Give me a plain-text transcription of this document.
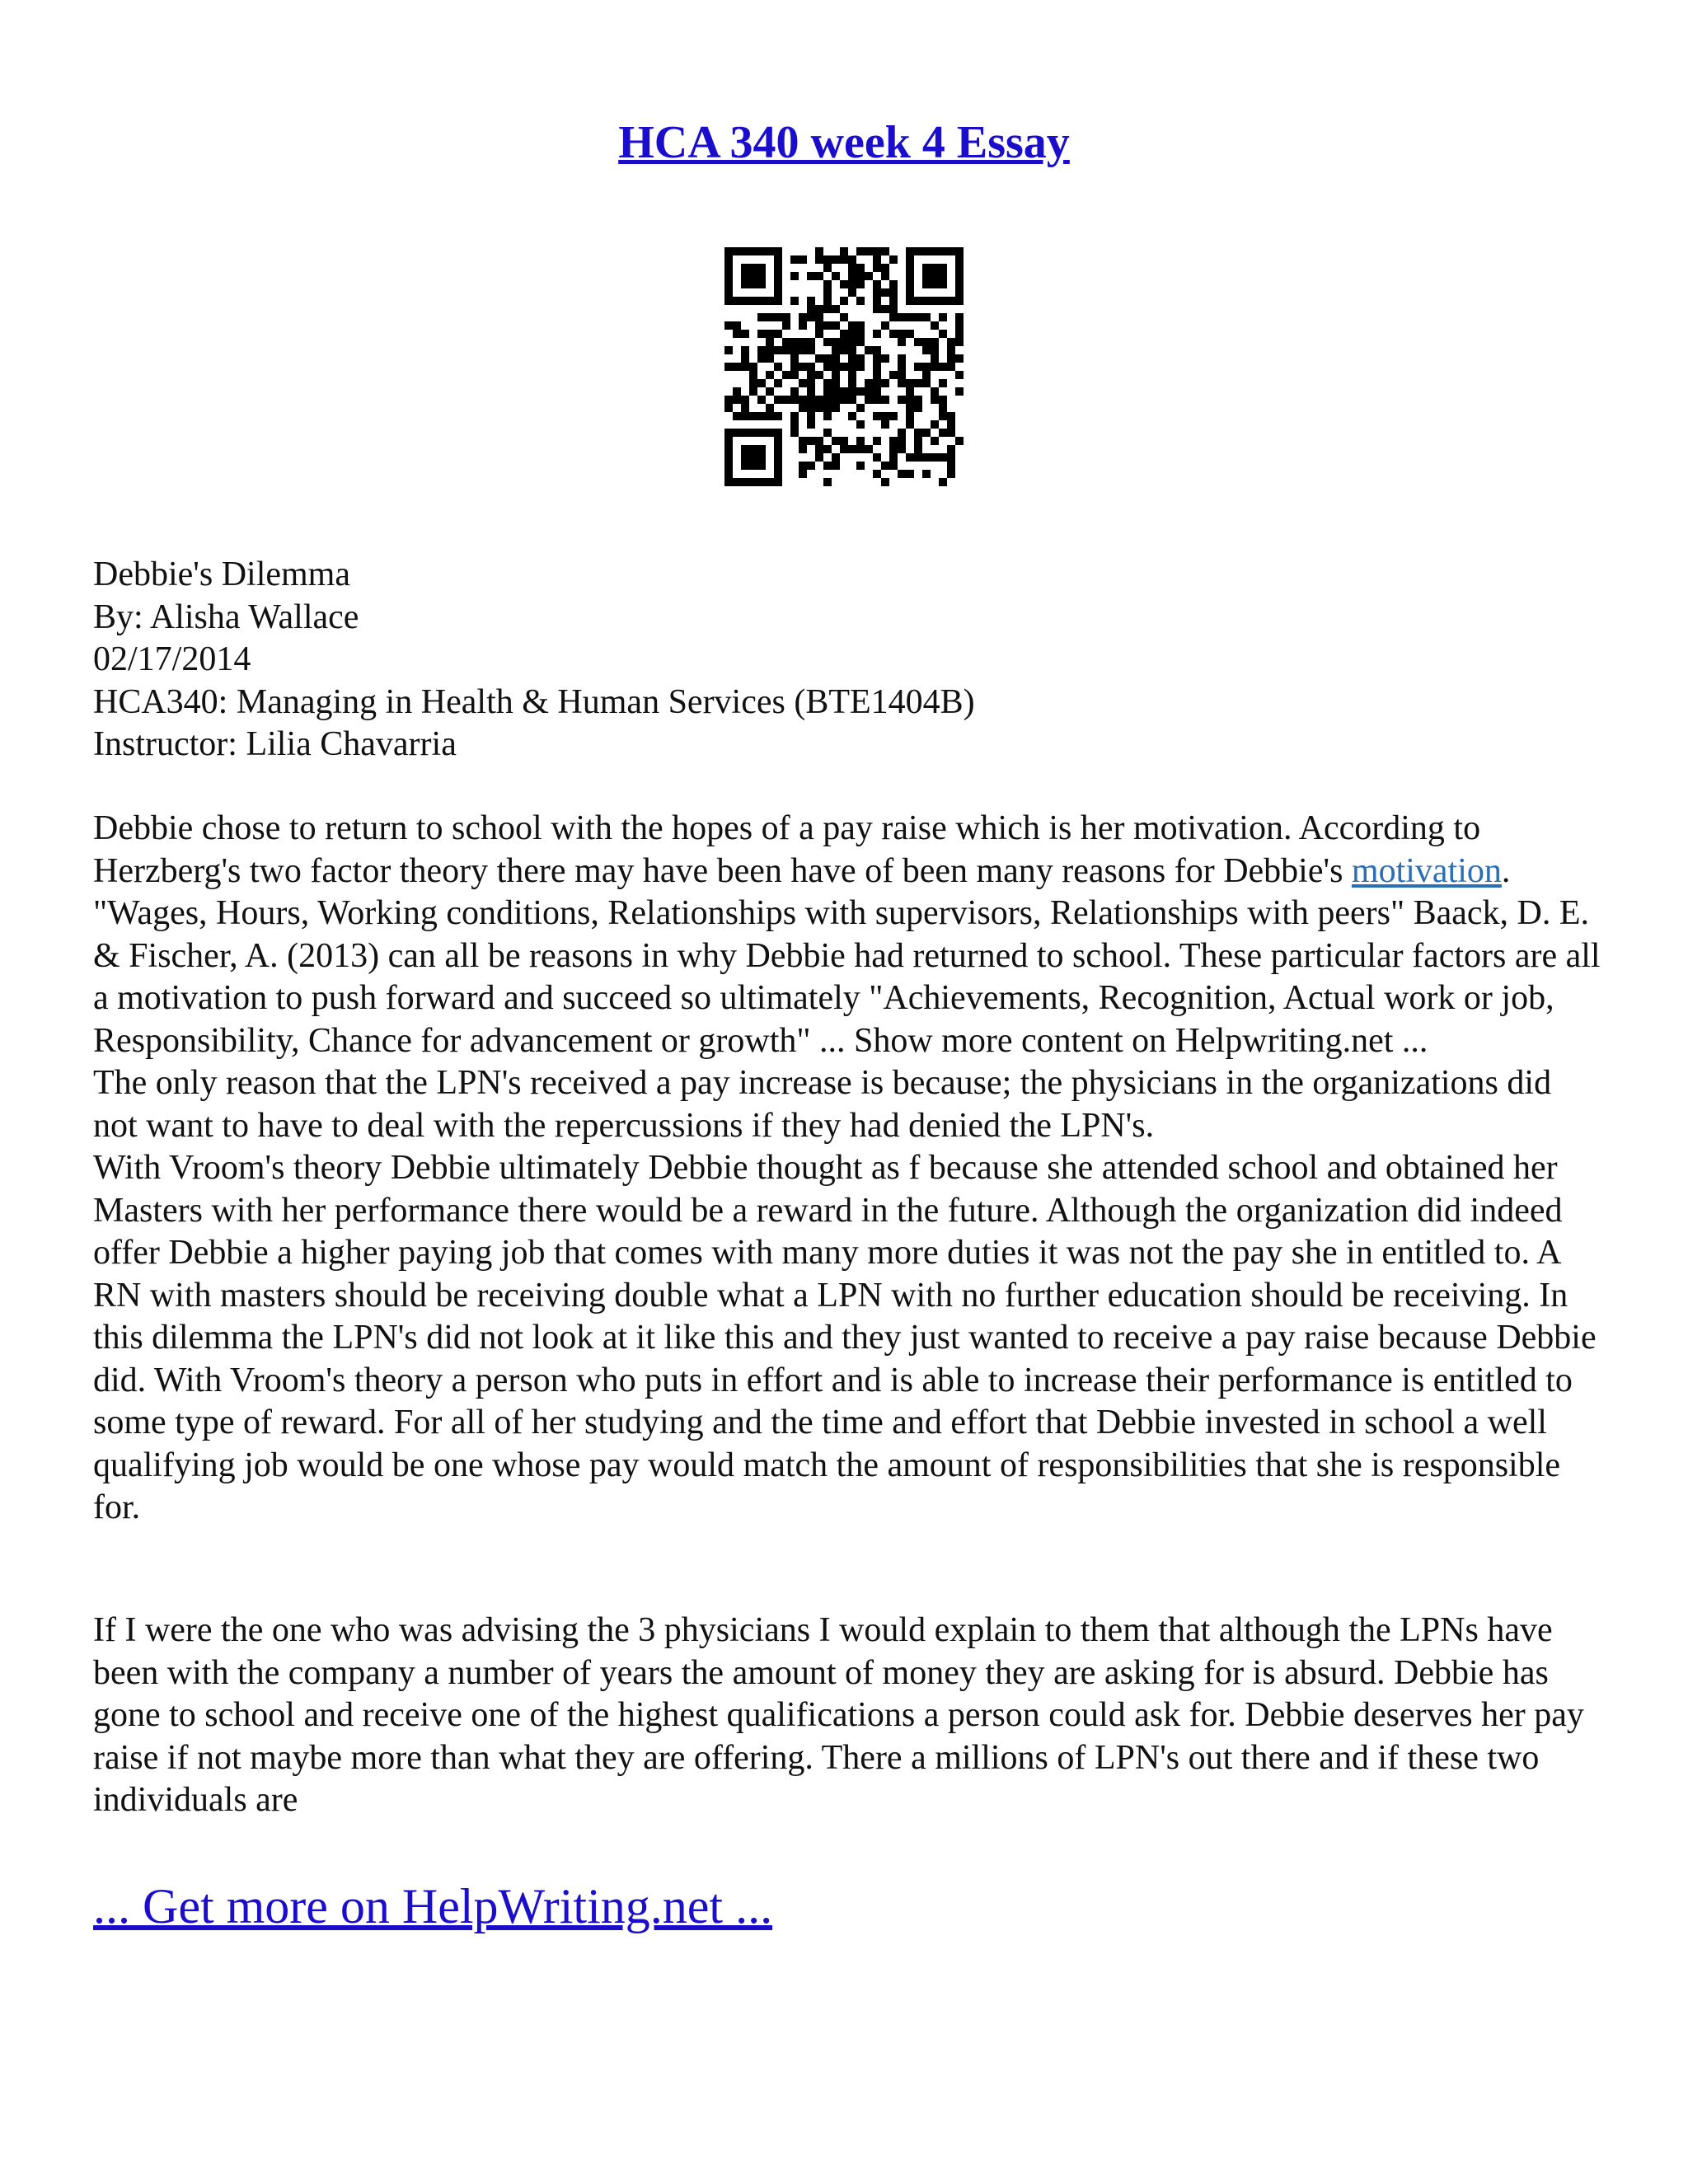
HCA 340 week 4 Essay

Debbie's Dilemma

By: Alisha Wallace

02/17/2014

HCA340: Managing in Health & Human Services (BTE1404B)

Instructor: Lilia Chavarria

Debbie chose to return to school with the hopes of a pay raise which is her motivation. According to Herzberg's two factor theory there may have been have of been many reasons for Debbie's motivation. "Wages, Hours, Working conditions, Relationships with supervisors, Relationships with peers" Baack, D. E. & Fischer, A. (2013) can all be reasons in why Debbie had returned to school. These particular factors are all a motivation to push forward and succeed so ultimately "Achievements, Recognition, Actual work or job, Responsibility, Chance for advancement or growth" ... Show more content on Helpwriting.net ...

The only reason that the LPN's received a pay increase is because; the physicians in the organizations did not want to have to deal with the repercussions if they had denied the LPN's.

With Vroom's theory Debbie ultimately Debbie thought as f because she attended school and obtained her Masters with her performance there would be a reward in the future. Although the organization did indeed offer Debbie a higher paying job that comes with many more duties it was not the pay she in entitled to. A RN with masters should be receiving double what a LPN with no further education should be receiving. In this dilemma the LPN's did not look at it like this and they just wanted to receive a pay raise because Debbie did. With Vroom's theory a person who puts in effort and is able to increase their performance is entitled to some type of reward. For all of her studying and the time and effort that Debbie invested in school a well qualifying job would be one whose pay would match the amount of responsibilities that she is responsible for.

If I were the one who was advising the 3 physicians I would explain to them that although the LPNs have been with the company a number of years the amount of money they are asking for is absurd. Debbie has gone to school and receive one of the highest qualifications a person could ask for. Debbie deserves her pay raise if not maybe more than what they are offering. There a millions of LPN's out there and if these two individuals are

... Get more on HelpWriting.net ...
